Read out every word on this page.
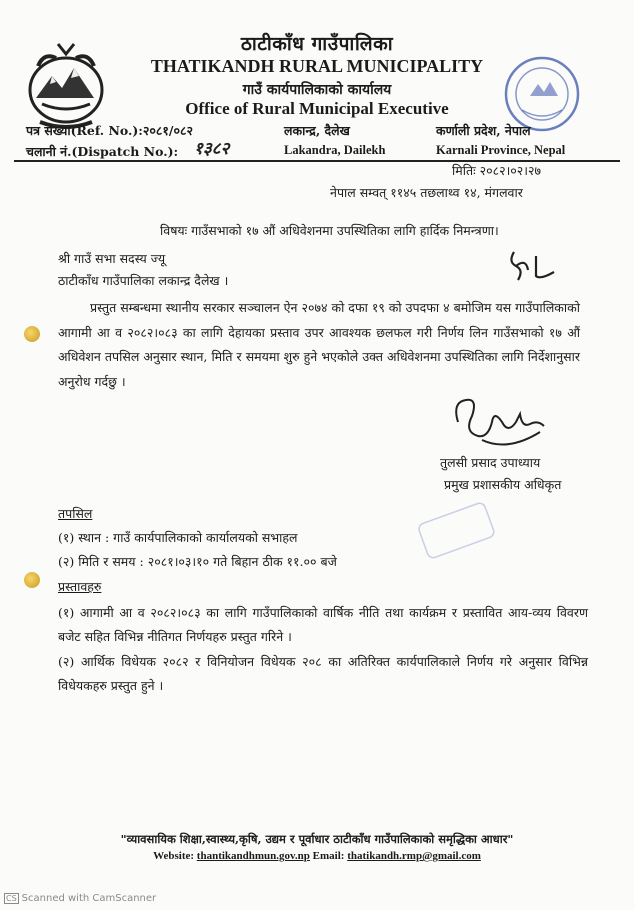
ठाटीकाँध गाउँपालिका
THATIKANDH RURAL MUNICIPALITY
गाउँ कार्यपालिकाको कार्यालय
Office of Rural Municipal Executive
पत्र संख्या(Ref. No.):२०८१/०८२	लकान्द्र, दैलेख	कर्णाली प्रदेश, नेपाल
चलानी नं.(Dispatch No.): १३८२	Lakandra, Dailekh	Karnali Province, Nepal
मितिः २०८२।०२।२७
नेपाल सम्वत् ११४५ तछलाथ्व १४, मंगलवार
विषयः गाउँसभाको १७ औं अधिवेशनमा उपस्थितिका लागि हार्दिक निमन्त्रणा।
श्री गाउँ सभा सदस्य ज्यू
ठाटीकाँध गाउँपालिका लकान्द्र दैलेख ।
प्रस्तुत सम्बन्धमा स्थानीय सरकार सञ्चालन ऐन २०७४ को दफा १९ को उपदफा ४ बमोजिम यस गाउँपालिकाको आगामी आ व २०८२।०८३ का लागि देहायका प्रस्ताव उपर आवश्यक छलफल गरी निर्णय लिन गाउँसभाको १७ औं अधिवेशन तपसिल अनुसार स्थान, मिति र समयमा शुरु हुने भएकोले उक्त अधिवेशनमा उपस्थितिका लागि निर्देशानुसार अनुरोध गर्दछु ।
तुलसी प्रसाद उपाध्याय
प्रमुख प्रशासकीय अधिकृत
तपसिल
(१) स्थान : गाउँ कार्यपालिकाको कार्यालयको सभाहल
(२) मिति र समय : २०८१।०३।१० गते बिहान ठीक ११.०० बजे
प्रस्तावहरु
(१) आगामी आ व २०८२।०८३ का लागि गाउँपालिकाको वार्षिक नीति तथा कार्यक्रम र प्रस्तावित आय-व्यय विवरण बजेट सहित विभिन्न नीतिगत निर्णयहरु प्रस्तुत गरिने ।
(२) आर्थिक विधेयक २०८२ र विनियोजन विधेयक २०८ का अतिरिक्त कार्यपालिकाले निर्णय गरे अनुसार विभिन्न विधेयकहरु प्रस्तुत हुने ।
"व्यावसायिक शिक्षा,स्वास्थ्य,कृषि, उद्यम र पूर्वाधार ठाटीकाँध गाउँपालिकाको समृद्धिका आधार"
Website: thantikandhmun.gov.np Email: thatikandh.rmp@gmail.com
CS Scanned with CamScanner
